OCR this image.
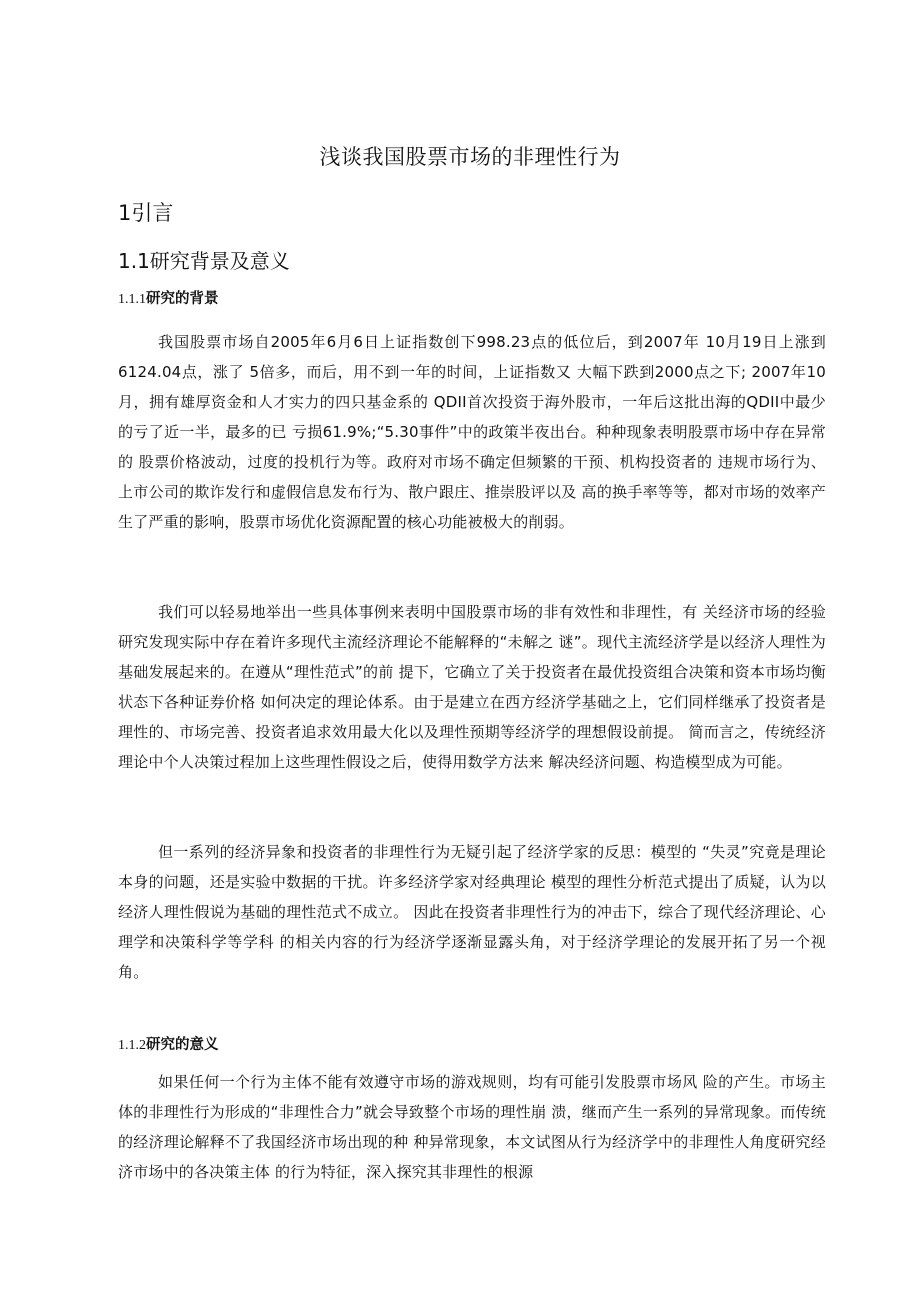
浅谈我国股票市场的非理性行为
1引言
1.1研究背景及意义
1.1.1研究的背景

我国股票市场自2005年6月6日上证指数创下998.23点的低位后，到2007年 10月19日上涨到6124.04点，涨了 5倍多，而后，用不到一年的时间，上证指数又 大幅下跌到2000点之下; 2007年10月，拥有雄厚资金和人才实力的四只基金系的 QDII首次投资于海外股市，一年后这批出海的QDII中最少的亏了近一半，最多的已 亏损61.9%;“5.30事件”中的政策半夜出台。种种现象表明股票市场中存在异常的 股票价格波动，过度的投机行为等。政府对市场不确定但频繁的干预、机构投资者的 违规市场行为、上市公司的欺诈发行和虚假信息发布行为、散户跟庄、推崇股评以及 高的换手率等等，都对市场的效率产生了严重的影响，股票市场优化资源配置的核心功能被极大的削弱。

我们可以轻易地举出一些具体事例来表明中国股票市场的非有效性和非理性，有 关经济市场的经验研究发现实际中存在着许多现代主流经济理论不能解释的“未解之 谜”。现代主流经济学是以经济人理性为基础发展起来的。在遵从“理性范式”的前 提下，它确立了关于投资者在最优投资组合决策和资本市场均衡状态下各种证券价格 如何决定的理论体系。由于是建立在西方经济学基础之上，它们同样继承了投资者是 理性的、市场完善、投资者追求效用最大化以及理性预期等经济学的理想假设前提。 简而言之，传统经济理论中个人决策过程加上这些理性假设之后，使得用数学方法来 解决经济问题、构造模型成为可能。

但一系列的经济异象和投资者的非理性行为无疑引起了经济学家的反思：模型的 “失灵”究竟是理论本身的问题，还是实验中数据的干扰。许多经济学家对经典理论 模型的理性分析范式提出了质疑，认为以经济人理性假说为基础的理性范式不成立。 因此在投资者非理性行为的冲击下，综合了现代经济理论、心理学和决策科学等学科 的相关内容的行为经济学逐渐显露头角，对于经济学理论的发展开拓了另一个视角。

1.1.2研究的意义

如果任何一个行为主体不能有效遵守市场的游戏规则，均有可能引发股票市场风 险的产生。市场主体的非理性行为形成的“非理性合力”就会导致整个市场的理性崩 溃，继而产生一系列的异常现象。而传统的经济理论解释不了我国经济市场出现的种 种异常现象，本文试图从行为经济学中的非理性人角度研究经济市场中的各决策主体 的行为特征，深入探究其非理性的根源
